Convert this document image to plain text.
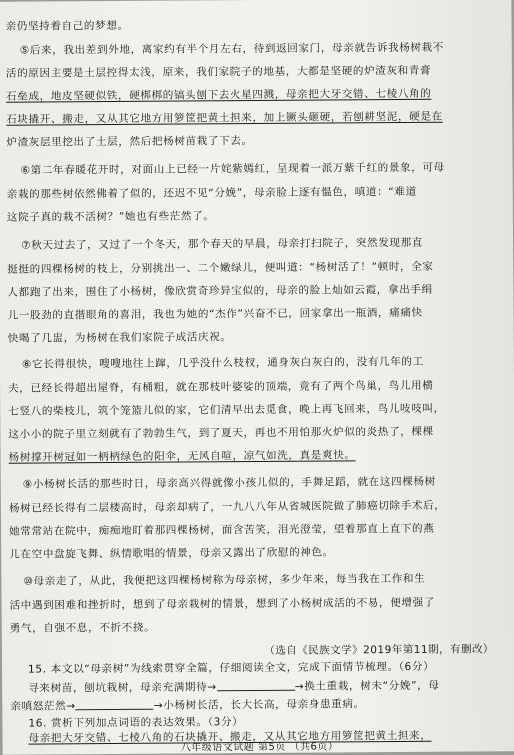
亲仍坚持着自己的梦想。
⑤后来，我出差到外地，离家约有半个月左右，待到返回家门，母亲就告诉我杨树栽不
活的原因主要是土层控得太浅，原来，我们家院子的地基，大都是坚硬的炉渣灰和青膏
石垒成，地皮坚硬似铁，硬梆梆的镐头刨下去火星四溅，母亲把大牙交错、七棱八角的
石块撬开、搬走，又从其它地方用箩筐把黄土担来，加上镢头砸硬，若刨耕坚泥，硬是在
炉渣灰层里挖出了土层，然后把杨树苗栽了下去。
⑥第二年春暖花开时，对面山上已经一片姹紫嫣红，呈现着一派万紫千红的景象，可母
亲栽的那些树依然佛着了似的，还迟不见“分娩”，母亲脸上逐有愠色，嗔道：“难道
这院子真的栽不活树？”她也有些茫然了。
⑦秋天过去了，又过了一个冬天，那个春天的早晨，母亲打扫院子，突然发现那直
挺挺的四棵杨树的枝上，分别挑出一、二个嫩绿儿，便叫道：“杨树活了！”顿时，全家
人都跑了出来，围住了小杨树，像欣赏奇珍异宝似的，母亲的脸上灿如云霞，拿出手绢
儿一股劲的直揩眼角的喜泪，我也为她的“杰作”兴奋不已，回家拿出一瓶酒，痛痛快
快喝了几盅，为杨树在我们家院子成活庆祝。
⑧它长得很快，嗖嗖地往上蹿，几乎没什么枝杈，通身灰白灰白的，没有几年的工
夫，已经长得超出屋脊，有桶粗，就在那枝叶婆娑的顶端，竟有了两个鸟巢，鸟儿用横
七竖八的柴枝儿，筑个笼篮儿似的家，它们清早出去觅食，晚上再飞回来，鸟儿吱吱叫，
这小小的院子里立刻就有了勃勃生气，到了夏天，再也不用怕那火炉似的炎热了，棵棵
杨树撑开树冠如一柄柄绿色的阳伞，无风自喧，凉气如洗，真是爽快。
⑨小杨树长活的那些时日，母亲高兴得就像小孩儿似的，手舞足蹈，就在这四棵杨树
杨树已经长得有二层楼高时，母亲却病了，一九八八年从省城医院做了肺癌切除手术后，
她常常站在院中，痴痴地盯着那四棵杨树，面含苦笑，泪光澄莹，望着那直上直下的燕
儿在空中盘旋飞舞、纵情歌唱的情景，母亲又露出了欣慰的神色。
⑩母亲走了，从此，我便把这四棵杨树称为母亲树，多少年来，每当我在工作和生
活中遇到困难和挫折时，想到了母亲栽树的情景，想到了小杨树成活的不易，便增强了
勇气，自强不息，不折不挠。
（选自《民族文学》2019年第11期，有删改）
15. 本文以“母亲树”为线索贯穿全篇，仔细阅读全文，完成下面情节梳理。（6分）
寻来树苗，刨坑栽树，母亲充满期待→	→换土重栽，树未“分娩”，母
亲嗔怒茫然→	→小杨树长活，长大长高，母亲身患重病。
16. 赏析下列加点词语的表达效果。（3分）
母亲把大牙交错、七棱八角的石块撬开、搬走，又从其它地方用箩筐把黄土担来，
八年级语文试题 第5页 （共6页）
